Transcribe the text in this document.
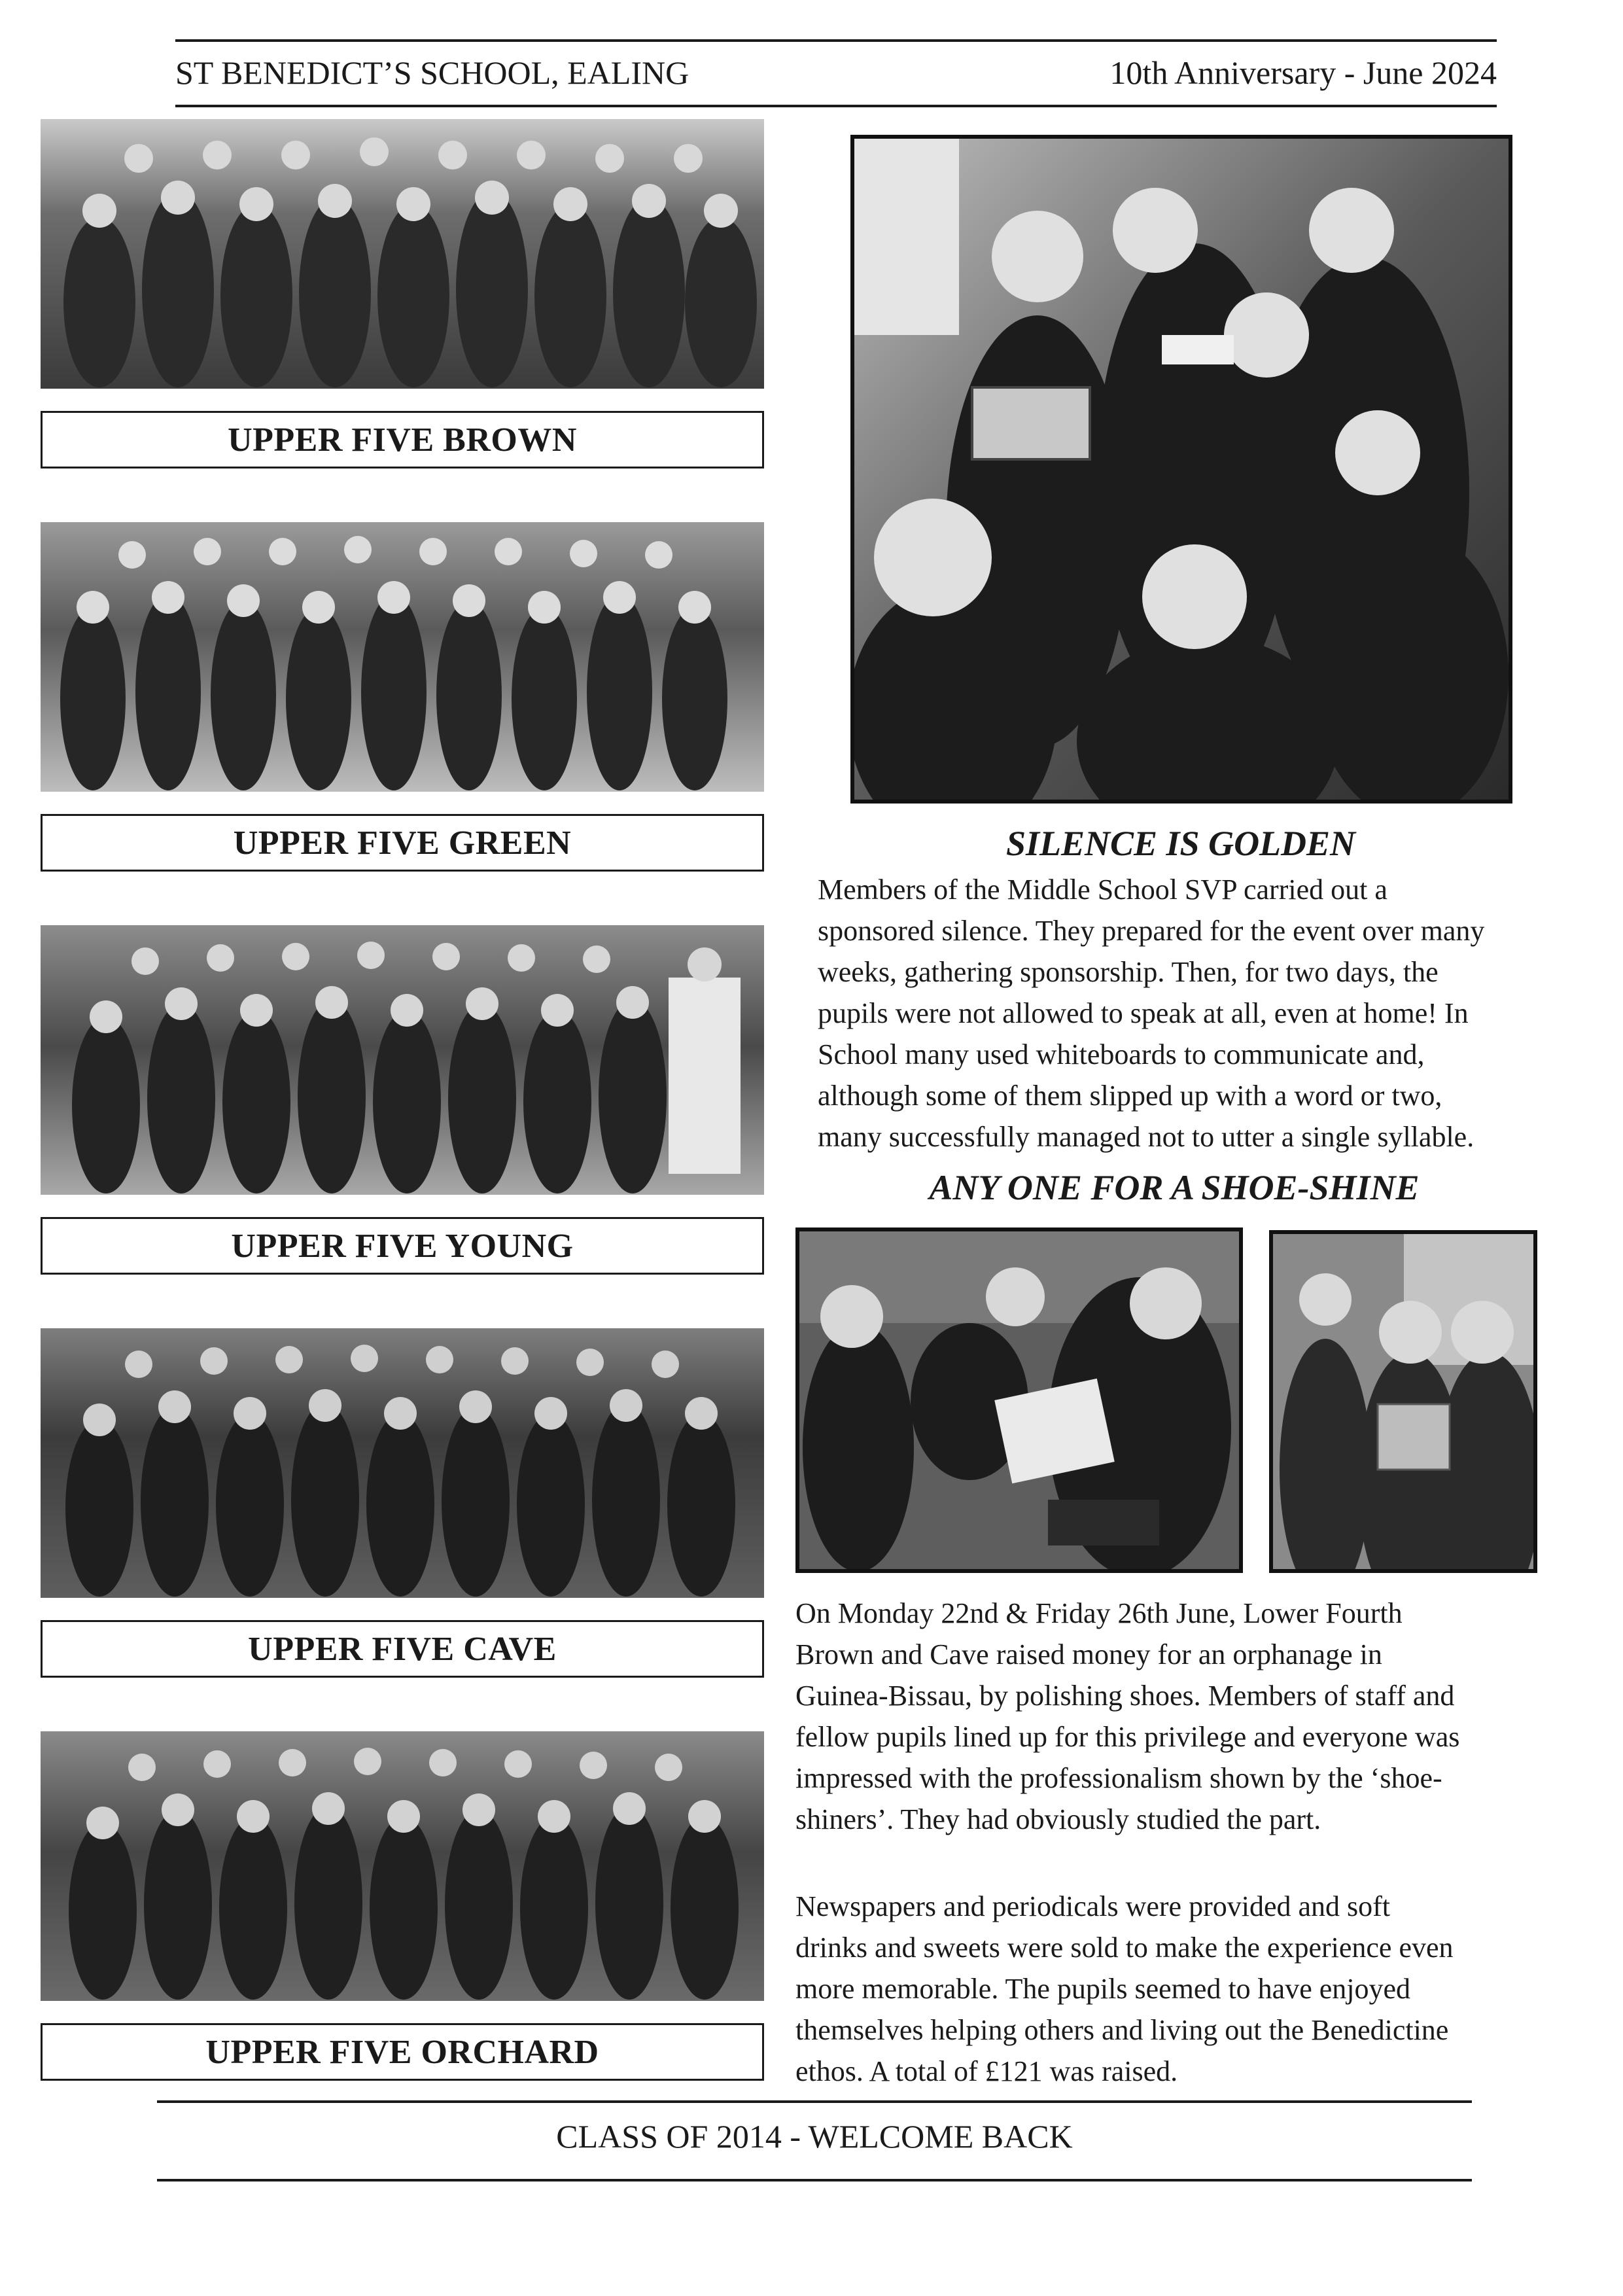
ST BENEDICT’S SCHOOL, EALING	10th Anniversary - June 2024
UPPER FIVE BROWN
UPPER FIVE GREEN
UPPER FIVE YOUNG
UPPER FIVE CAVE
UPPER FIVE ORCHARD
SILENCE IS GOLDEN
Members of the Middle School SVP carried out a
sponsored silence. They prepared for the event over many
weeks, gathering sponsorship. Then, for two days, the
pupils were not allowed to speak at all, even at home! In
School many used whiteboards to communicate and,
although some of them slipped up with a word or two,
many successfully managed not to utter a single syllable.
ANY ONE FOR A SHOE-SHINE
On Monday 22nd & Friday 26th June, Lower Fourth
Brown and Cave raised money for an orphanage in
Guinea-Bissau, by polishing shoes. Members of staff and
fellow pupils lined up for this privilege and everyone was
impressed with the professionalism shown by the ‘shoe-
shiners’. They had obviously studied the part.
Newspapers and periodicals were provided and soft
drinks and sweets were sold to make the experience even
more memorable. The pupils seemed to have enjoyed
themselves helping others and living out the Benedictine
ethos. A total of £121 was raised.
CLASS OF 2014 - WELCOME BACK
